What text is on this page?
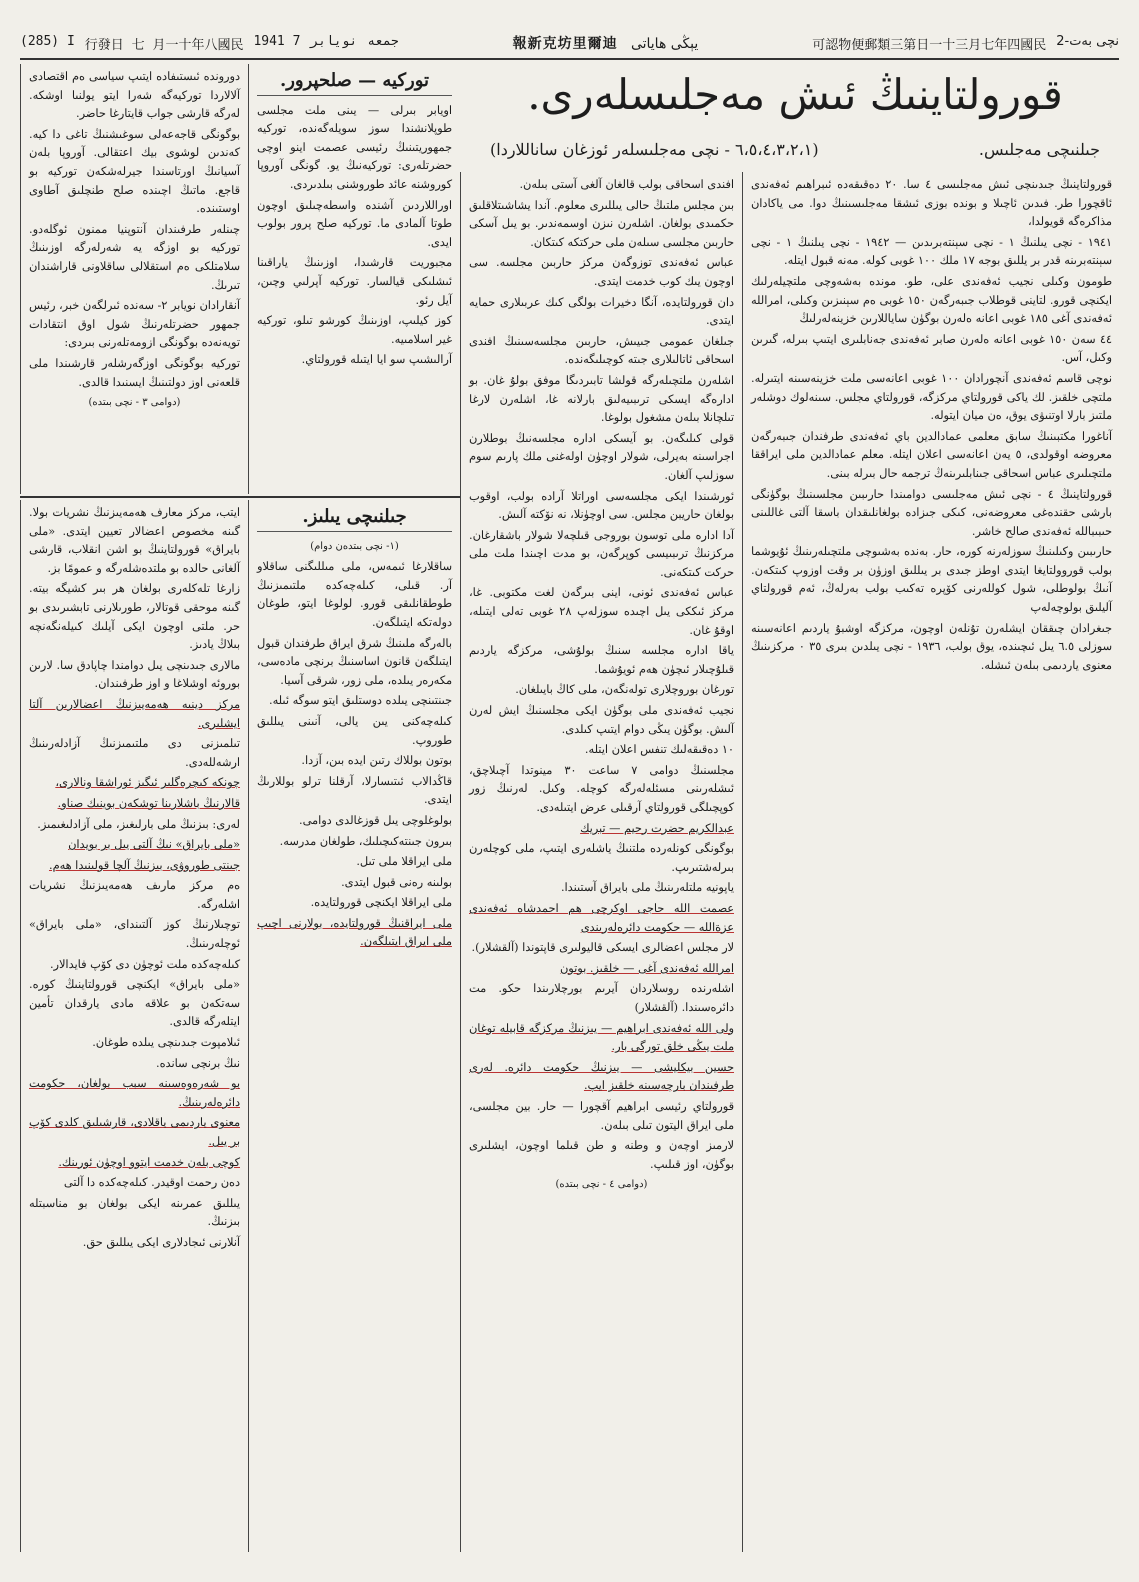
(285) I 行發日 七 月一十年八國民 1941 7 نویابر جمعه	報新克坊里爾迪 یېڭى ھاياتى	可認物便郵類三第日一十三月七年四國民 2-نچى بەت
قورولتاينىڭ ئىش مەجلىسلەرى.
جىلنىچى مەجلىس.
(٦،٥،٤،٣،٢،١ - نچى مەجلىسلەر ئوزغان ساناللاردا)

قورولتاينىڭ جىدىنچى ئىش مەجلىسى ٤ سا. ٢٠ دەقىقەدە ئىبراھىم ئەفەندى ئاقچورا طر. فىدىن ئاچىلا و بوندە بوزى ئىشقا مەجلىسىنىڭ دوا. مى ياكادان مذاكرەگە قويولدا،

١٩٤١ - نچى يىلنىڭ ١ - نچى سېنتەبرىدىن — ١٩٤٢ - نچى يىلنىڭ ١ - نچى سېنتەبرىنە قدر بر يللىق بوجە ١٧ ملك ١٠٠ غوبى كوله. مەنە قبول ايتلە.

طومون وكىلى نجيب ئەفەندى على، طو. مونده بەشەوچى ملتچيلەرلىك ايكنچى قورو. لتاينى قوطلاب جىبەرگەن ١٥٠ غوبى ەم سېنىزىن وكىلى، امراللە ئەفەندى آغى ١٨٥ غوبى اعانە ەلەرن بوگۈن ساياللارىن خزينەلەرلىڭ

٤٤ سەن ١٥٠ غوبى اعانە ەلەرن صابر ئەفەندى جەنابلىرى ايتىپ بىرلە، گىرىن وكىل، آس.

نوچى قاسم ئەفەندى آنچورادان ١٠٠ غوبى اعانەسى ملت خزينەسىنە ايتىرلە. ملتچى خلقىز. لك ياكى قورولتاي مرکزگە، قورولتاي مجلس. سىنەلوك دوشلەر ملتىز بارلا اوتنىۋى يوق، ەن ميان ايتولە.

آناغورا مكتبىنىڭ سابق معلمى عمادالدين باي ئەفەندى طرفندان جىبەرگەن معروضە اوقولدى، ٥ يەن اعانەسى اعلان ايتلە. معلم عمادالدين ملى ايراققا ملتچىلىرى عباس اسحاقى جىنابلىرىنەڭ ترجمە حال بىرلە بىنى.

قورولتاينىڭ ٤ - نچى ئىش مەجلىسى دوامىندا حارىبىن مجلسىنىڭ بوگۈنگى بارشى حقندەغى معروضەنى، كىكى جىزادە بولغانلىقدان باسقا آلتى غاللىنى حىبىبالله ئەفەندى صالح خاشر.

حارىبىن وكىلىنىڭ سوزلەرنە كورە، حار. بەندە بەشىوچى ملتچىلەرىنىڭ ئۇيوشما بولب قوروولتايغا ايتدى اوطز جىدى بر يىللىق اوزۈن بر وقت اوزوپ كىتكەن. آنىڭ بولوطلى، شول كوللەرنى كۆپرە تەكىب بولب بەرلەڭ، ئەم قورولتاي آليلىق بولوچەلەپ

جىغرادان چىققان ايشلەرن تۇنلەن اوچون، مركزگە اوشبۇ ياردىم اعانەسىنە سوزلى ٦.٥ يىل ئىچىندە، يوق بولب، ١٩٣٦ - نچى يىلدىن بىرى ٣٥ ٠ مرکزىنىڭ معنوى ياردىمى بىلەن ئىشلە.

افندى اسحاقى بولب قالغان آلغى آستى بىلەن.

بىن مجلس ملتىڭ حالى يىللىرى معلوم. آندا يشاشىتلاقلىق حكمىدى بولغان. اشلەرن نىزن اوسمەندىر. بو يىل آسكى حاربىن مجلسى سىلەن ملى حركتكە كىتكان.

عباس ئەفەندى توزوگەن مرکز حاربىن مجلسە. سى اوچون يىك كوب خدمت ايتدى.

دان قورولتايدە، آنگا دخيرات بولگى كىك عربىلارى حمايە ايتدى.

جىلغان عمومى جىيىش، حاربىن مجلسەسىنىڭ افندى اسحاقى ئاتالىلارى جىتە كوچىلىگەندە.

اشلەرن ملتچىلەرگە قولشا تابىردىگا موفق بولۇ غان. بو ادارەگە ايسكى ترىبىيەلىق بارلانە غا، اشلەرن لارغا تىلچانلا بىلەن مشغول بولوغا.

قولى كىلىگەن. بو آيسكى ادارە مجلسەنىڭ بوطلارن اجراسىنە بەيرلى، شولار اوچۈن اولەغنى ملك پارىم سوم سوزلىپ آلغان.

ئورشىندا ايكى مجلسەسى اوراتلا آرادە بولب، اوقوب بولغان حاريبن مجلس. سى اوچۈنلا، نە نۆكتە آلىش.

آدا ادارە ملى توسون بوروجى قىلچەلا شولار باشقارغان. مركزنىڭ ترىبىيسى كوپرگەن، بو مدت اچىندا ملت ملى حركت كىتكەنى.

عباس ئەفەندى ئونى، اينى بىرگەن لغت مكتوبى. غا، مركز ئىككى يىل اچىدە سوزلەپ ٢٨ غوبى تەلى ايتىلە، اوقۇ غان.

ياقا ادارە مجلسە سنىڭ بولۇشى، مرکزگە ياردىم قىلۇچىلار ئىچۈن ھەم ئويۇشما.

تورغان بوروچلارى تولەنگەن، ملى كاڭ بايىلغان.

نجيب ئەفەندى ملى بوگۈن ايكى مجلسنىڭ ايش لەرن آلىش. بوگۈن يىڭى دوام ايتىپ كىلدى.

١٠ دەقىقەلىك تنفس اعلان ايتلە.

مجلسنىڭ دوامى ٧ ساعت ٣٠ مينوتدا آچىلاچق، ئىشلەرىنى مسئلەلەرگە كوچلە. وكىل. لەرنىڭ زور كوپچىلگى قورولتاي آرقىلى عرض ايتىلەدى.

عبدالكريم حضرت رحيم — تبريك

بوگونگى كونلەردە ملتنىڭ ياشلەرى ايتىپ، ملى كوچلەرن بىرلەشتىرىپ.

ياپونيە ملتلەرىنىڭ ملى بايراق آستىندا.

عصمت الله حاجى اوكرچى هم احمدشاه ئەفەندى عزةالله — حكومت دائرەلەرىندى

لار مجلس اعضالرى ايسكى قاليولىرى قاپتوندا (آلقشلار).

امرالله ئەفەندى آغى — خلقىز. بوتون

اشلەرندە روسلاردان آيرىم بورچلارىندا حكو. مت دائرەسىندا. (آلقشلار)

ولى الله ئەفەندى ابراهيم — يىزنىڭ مركزگە قابيلە توغان ملت يىڭى خلق تورگى بار.

حسين بيكليشى — يىزنىڭ حكومت دائرە. لەرى طرفىندان بارچەسىنە خلقىز ايپ.

قورولتاي رئيسى ابراهيم آقچورا — حار. بين مجلسى، ملى ايراق اليتون تىلى بىلەن.

لارمىز اوچەن و وطنە و طن قىلما اوچون، ايشلىرى بوگۈن، اوز قىلىپ.

(دوامى ٤ - نچى بىتدە)

تورکيه — صلحپرور.

اويابر بىرلى — يىنى ملت مجلسى طوپلانشندا سوز سويلەگەندە، توركيە جمهوريتىنىڭ رئيسى عصمت اينو اوچى حضرتلەرى: توركيەنىڭ يو. گونگى آوروپا کوروشنە عائد طوروشنى بىلدىردى.

اوراللاردىن آشندە واسطەچىلىق اوچون طوتا آلمادى ما. توركيە صلح پرور بولوب ايدى.

مجبوريت قارشىدا، اوزىنىڭ ياراقىنا ئىشلىكى قيالسار. توركيە آپرلىي وچىن، آيل رئو.

كوز كيلىپ، اوزىنىڭ كورشو تىلو، توركيە غير اسلامىيە.

آرالىشىپ سو ايا ايتىلە قورولتاي.

دوروندە ئىستىفادە ايتىپ سياسى ەم اقتصادى آلالاردا توركيەگە شەرا ايتو يولنىا اوشكە. لەرگە قارشى جواب قايتارغا حاضر.

بوگونگى قاجەعەلى سوغىشنىڭ تاغى دا كيە. كەندىن لوشوى بيك اعتقالى. آوروپا بلەن آسيانىڭ اورتاسندا جيرلەشكەن توركيە بو قاجع. ماتىڭ اچىندە صلح طنچلىق آطاوى اوستىندە.

چىنلەر طرفىندان آنتوپنيا ممنون ئوگلەدو. توركيە بو اوزگە يە شەرلەرگە اوزىنىڭ سلامتلكى ەم استقلالى ساقلاونى قاراشندان تىرىڭ.

آنقارادان نويابر ٢- سەندە ئىرلگەن خبر، رئيس جمهور حضرتلەرنىڭ شول اوق انتقادات تويەنەدە بوگونگى ازومەتلەرنى بىردى:

توركيە بوگونگى اوزگەرشلەر قارشىندا ملى قلعەنى اوز دولتىنىڭ ايسنىدا قالدى.

(دوامى ٣ - نچى بىتدە)

جىلنىچى يىلىز.

(١- نچى بىتدەن دوام)

ساقلارغا ئىمەس، ملى مىللىگنى ساقلاو آر. قىلى، كىلەچەكدە ملتىمىزنىڭ طوطقانلىقى قورو. لولوغا ايتو، طوغان دولەتكە ايتىلگەن.

بالەرگە ملىنىڭ شرق ايراق طرفندان قبول ايتىلگەن قانون اساسنىڭ برنچى مادەسى، مكەرەر يىلدە، ملى زور، شرقى آسيا.

جىنتىنچى يىلدە دوستلىق ايتو سوگە ئىلە.

كىلەچەكنى يىن يالى، آنىنى يىللىق طوروپ.

بوتون بوللاك رتىن ايدە بىن، آزدا.

قاڭدالاب ئىتىسارلا، آرقلنا ترلو بوللارىڭ ايتدى.

بولوغلوچى يىل قوزغالدى دوامى.

بىرون جىنتەكىچىلىك، طولغان مدرسە.

ملى ايراقلا ملى تىل.

بولىنە رەنى قبول ايتدى.

ملى ايراقلا ايكنچى قورولتايدە.

ملى ايراقنىڭ قورولتايدە، بولارنى اچىپ ملى ايراق ايتىلگەن.

ايتب، مركز معارف ھەمەيىزنىڭ نشريات بولا. گىنە مخصوص اعضالار تعيين ايتدى. «ملى بايراق» قورولتاينىڭ بو اشن انقلاب، قارشى آلغانى حالدە بو ملتدەشلەرگە و عمومًا بز.

زارغا تلەكلەرى بولغان هر بىر كشيگە بيتە. گىنە موحقى قوتالار، طورىلارنى تابشىرىدى بو حر. ملتى اوچون ايكى آيلىك كىيلەنگەنچە بىلاڭ يادىز.

مالارى جىدىنچى يىل دوامندا چاپادق سا. لارىن بوروئە اوشلاغا و اوز طرفىندان.

مرکز دينىە هەمەيىزنىڭ اعضالارىن آلتا ايشلىرى.

تىلمىزنى دى ملتىمىزنىڭ آزادلەرىنىڭ ارشەللەدى.

چونكە كىچرەگلىر ئىگىز ئوراشقا ونالارى،

قالارنىڭ باشلارىنا توشكەن بوينىك صناو.

لەرى: بىزنىڭ ملى بارلىغىز، ملى آزادلىغىمىز.

«ملى بايراق» نىڭ آلتى يىل بر بويدان

جىنتى طوروۋى، بىزنىڭ آلچا قولىنىدا ھەم.

ەم مركز مارىف هەمەيىزنىڭ نشريات اشلەرگە.

توچىلارنىڭ كوز آلتىنداى، «ملى بايراق» ئوچلەرىنىڭ.

كىلەچەكدە ملت ئوچۈن دى كۆپ فايدالار.

«ملى بايراق» ايكنچى قورولتاينىڭ كورە. سەتكەن بو علاقە مادى يارقدان تأمين ايتلەرگە قالدى.

ئىلامپوت جىدىنچى يىلدە طوغان.

نىڭ برنچى ساندە.

بو شەرەوەسىنە سبب بولغان، حكومت دائرەلەرىنىڭ.

معنوى ياردىمى ياقلادى، قارشىلىق كلدى كۆپ بر يىل.

كوچى بلەن خدمت ايتوو اوچۈن ئورىنك.

دەن رحمت اوقيدر. كىلەچەكدە دا آلتى

يىللىق عمرىنە ايكى بولغان بو مناسبتلە بىزنىڭ.

آنلارنى ئىجادلارى ايكى يىللىق حق.
